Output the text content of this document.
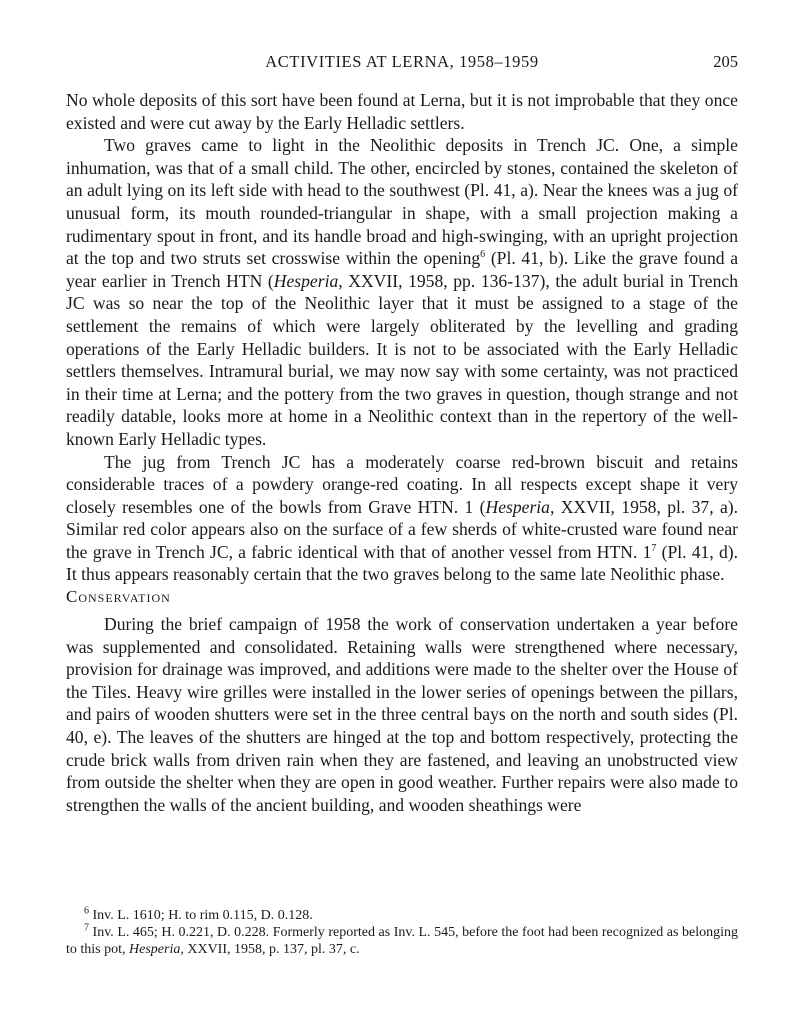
ACTIVITIES AT LERNA, 1958–1959	205

No whole deposits of this sort have been found at Lerna, but it is not improbable that they once existed and were cut away by the Early Helladic settlers.

Two graves came to light in the Neolithic deposits in Trench JC. One, a simple inhumation, was that of a small child. The other, encircled by stones, contained the skeleton of an adult lying on its left side with head to the southwest (Pl. 41, a). Near the knees was a jug of unusual form, its mouth rounded-triangular in shape, with a small projection making a rudimentary spout in front, and its handle broad and high-swinging, with an upright projection at the top and two struts set crosswise within the opening$^6$ (Pl. 41, b). Like the grave found a year earlier in Trench HTN (Hesperia, XXVII, 1958, pp. 136-137), the adult burial in Trench JC was so near the top of the Neolithic layer that it must be assigned to a stage of the settlement the remains of which were largely obliterated by the levelling and grading operations of the Early Helladic builders. It is not to be associated with the Early Helladic settlers themselves. Intramural burial, we may now say with some certainty, was not practiced in their time at Lerna; and the pottery from the two graves in question, though strange and not readily datable, looks more at home in a Neolithic context than in the repertory of the well-known Early Helladic types.

The jug from Trench JC has a moderately coarse red-brown biscuit and retains considerable traces of a powdery orange-red coating. In all respects except shape it very closely resembles one of the bowls from Grave HTN. 1 (Hesperia, XXVII, 1958, pl. 37, a). Similar red color appears also on the surface of a few sherds of white-crusted ware found near the grave in Trench JC, a fabric identical with that of another vessel from HTN. $1^7$ (Pl. 41, d). It thus appears reasonably certain that the two graves belong to the same late Neolithic phase.

Conservation

During the brief campaign of 1958 the work of conservation undertaken a year before was supplemented and consolidated. Retaining walls were strengthened where necessary, provision for drainage was improved, and additions were made to the shelter over the House of the Tiles. Heavy wire grilles were installed in the lower series of openings between the pillars, and pairs of wooden shutters were set in the three central bays on the north and south sides (Pl. 40, e). The leaves of the shutters are hinged at the top and bottom respectively, protecting the crude brick walls from driven rain when they are fastened, and leaving an unobstructed view from outside the shelter when they are open in good weather. Further repairs were also made to strengthen the walls of the ancient building, and wooden sheathings were

$^6$ Inv. L. 1610; H. to rim 0.115, D. 0.128.

$^7$ Inv. L. 465; H. 0.221, D. 0.228. Formerly reported as Inv. L. 545, before the foot had been recognized as belonging to this pot, Hesperia, XXVII, 1958, p. 137, pl. 37, c.
